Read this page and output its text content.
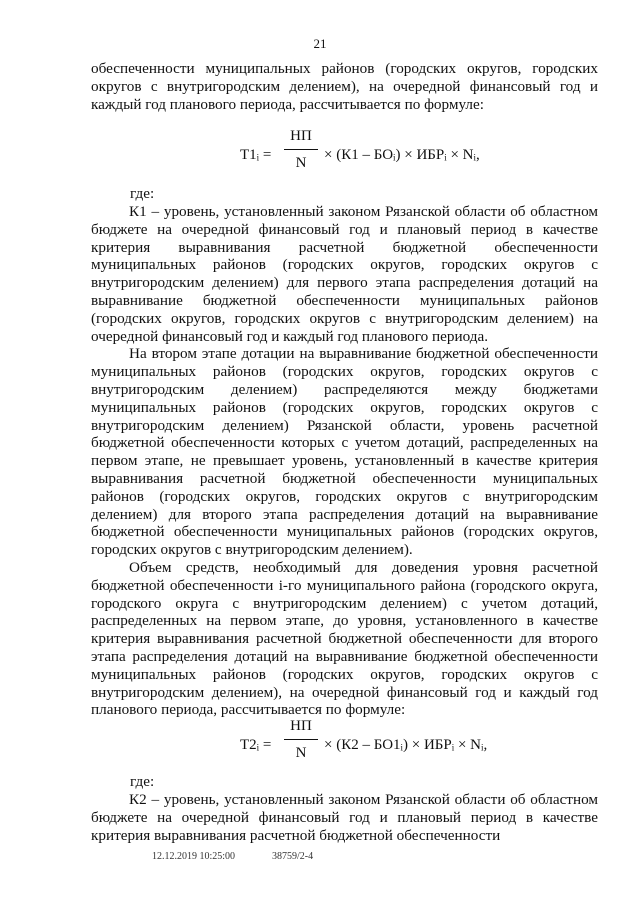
21

обеспеченности муниципальных районов (городских округов, городских округов с внутригородским делением), на очередной финансовый год и каждый год планового периода, рассчитывается по формуле:

Т1ᵢ =
НП
N × (К1 – БОᵢ) × ИБРᵢ × Nᵢ,
где:

К1 – уровень, установленный законом Рязанской области об областном бюджете на очередной финансовый год и плановый период в качестве критерия выравнивания расчетной бюджетной обеспеченности муниципальных районов (городских округов, городских округов с внутригородским делением) для первого этапа распределения дотаций на выравнивание бюджетной обеспеченности муниципальных районов (городских округов, городских округов с внутригородским делением) на очередной финансовый год и каждый год планового периода.

На втором этапе дотации на выравнивание бюджетной обеспеченности муниципальных районов (городских округов, городских округов с внутригородским делением) распределяются между бюджетами муниципальных районов (городских округов, городских округов с внутригородским делением) Рязанской области, уровень расчетной бюджетной обеспеченности которых с учетом дотаций, распределенных на первом этапе, не превышает уровень, установленный в качестве критерия выравнивания расчетной бюджетной обеспеченности муниципальных районов (городских округов, городских округов с внутригородским делением) для второго этапа распределения дотаций на выравнивание бюджетной обеспеченности муниципальных районов (городских округов, городских округов с внутригородским делением).

Объем средств, необходимый для доведения уровня расчетной бюджетной обеспеченности i-го муниципального района (городского округа, городского округа с внутригородским делением) с учетом дотаций, распределенных на первом этапе, до уровня, установленного в качестве критерия выравнивания расчетной бюджетной обеспеченности для второго этапа распределения дотаций на выравнивание бюджетной обеспеченности муниципальных районов (городских округов, городских округов с внутригородским делением), на очередной финансовый год и каждый год планового периода, рассчитывается по формуле:

Т2ᵢ =
НП
N × (К2 – БО1ᵢ) × ИБРᵢ × Nᵢ,
где:

К2 – уровень, установленный законом Рязанской области об областном бюджете на очередной финансовый год и плановый период в качестве критерия выравнивания расчетной бюджетной обеспеченности

12.12.2019 10:25:00	38759/2-4
